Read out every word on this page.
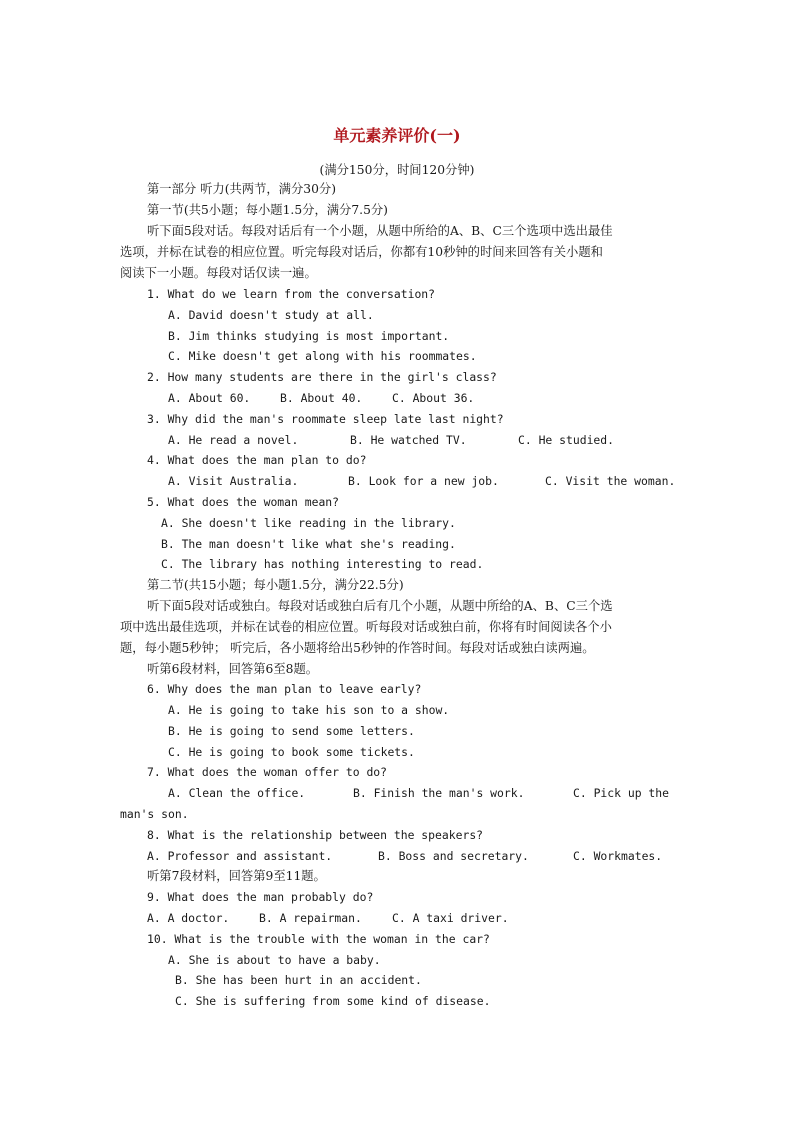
单元素养评价(一)
(满分150分，时间120分钟)
第一部分 听力(共两节，满分30分)
第一节(共5小题；每小题1.5分，满分7.5分)
听下面5段对话。每段对话后有一个小题，从题中所给的A、B、C三个选项中选出最佳
选项，并标在试卷的相应位置。听完每段对话后，你都有10秒钟的时间来回答有关小题和
阅读下一小题。每段对话仅读一遍。
1. What do we learn from the conversation?
A. David doesn't study at all.
B. Jim thinks studying is most important.
C. Mike doesn't get along with his roommates.
2. How many students are there in the girl's class?
A. About 60.	B. About 40.	C. About 36.
3. Why did the man's roommate sleep late last night?
A. He read a novel.	B. He watched TV.	C. He studied.
4. What does the man plan to do?
A. Visit Australia.	B. Look for a new job.	C. Visit the woman.
5. What does the woman mean?
A. She doesn't like reading in the library.
B. The man doesn't like what she's reading.
C. The library has nothing interesting to read.
第二节(共15小题；每小题1.5分，满分22.5分)
听下面5段对话或独白。每段对话或独白后有几个小题，从题中所给的A、B、C三个选
项中选出最佳选项，并标在试卷的相应位置。听每段对话或独白前，你将有时间阅读各个小
题，每小题5秒钟； 听完后，各小题将给出5秒钟的作答时间。每段对话或独白读两遍。
听第6段材料，回答第6至8题。
6. Why does the man plan to leave early?
A. He is going to take his son to a show.
B. He is going to send some letters.
C. He is going to book some tickets.
7. What does the woman offer to do?
A. Clean the office.	B. Finish the man's work.	C. Pick up the
man's son.
8. What is the relationship between the speakers?
A. Professor and assistant.	B. Boss and secretary.	C. Workmates.
听第7段材料，回答第9至11题。
9. What does the man probably do?
A. A doctor.	B. A repairman.	C. A taxi driver.
10. What is the trouble with the woman in the car?
A. She is about to have a baby.
B. She has been hurt in an accident.
C. She is suffering from some kind of disease.
